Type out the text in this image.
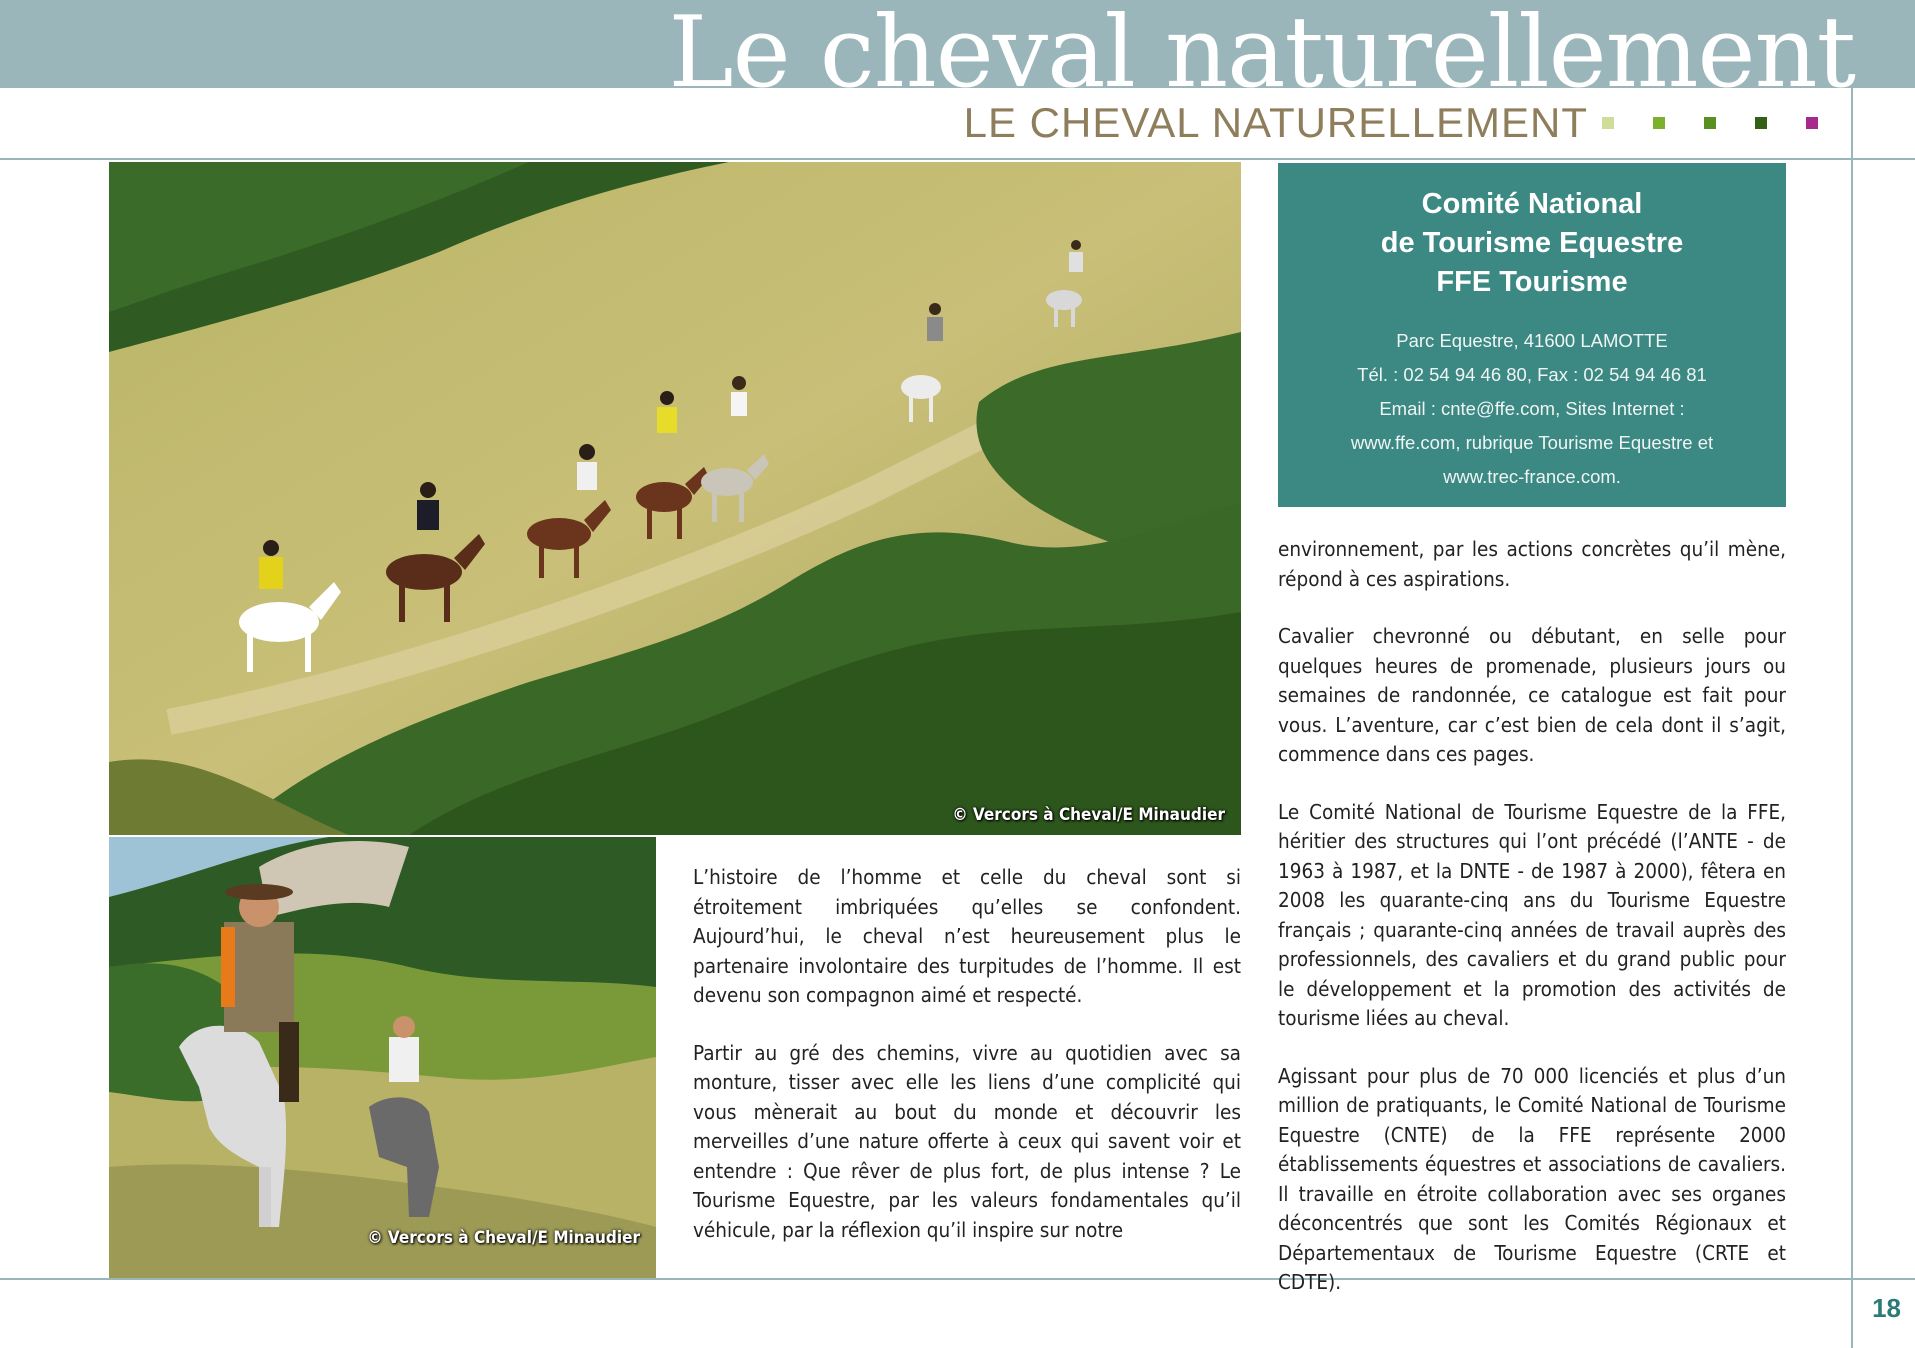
Le cheval naturellement
LE CHEVAL NATURELLEMENT
© Vercors à Cheval/E Minaudier
© Vercors à Cheval/E Minaudier
Comité National
de Tourisme Equestre
FFE Tourisme
Parc Equestre, 41600 LAMOTTE
Tél. : 02 54 94 46 80, Fax : 02 54 94 46 81
Email : cnte@ffe.com, Sites Internet :
www.ffe.com, rubrique Tourisme Equestre et
www.trec-france.com.

L’histoire de l’homme et celle du cheval sont si étroitement imbriquées qu’elles se confondent. Aujourd’hui, le cheval n’est heureusement plus le partenaire involontaire des turpitudes de l’homme. Il est devenu son compagnon aimé et respecté.

Partir au gré des chemins, vivre au quotidien avec sa monture, tisser avec elle les liens d’une complicité qui vous mènerait au bout du monde et découvrir les merveilles d’une nature offerte à ceux qui savent voir et entendre : Que rêver de plus fort, de plus intense ? Le Tourisme Equestre, par les valeurs fondamentales qu’il véhicule, par la réflexion qu’il inspire sur notre

environnement, par les actions concrètes qu’il mène, répond à ces aspirations.

Cavalier chevronné ou débutant, en selle pour quelques heures de promenade, plusieurs jours ou semaines de randonnée, ce catalogue est fait pour vous. L’aventure, car c’est bien de cela dont il s’agit, commence dans ces pages.

Le Comité National de Tourisme Equestre de la FFE, héritier des structures qui l’ont précédé (l’ANTE - de 1963 à 1987, et la DNTE - de 1987 à 2000), fêtera en 2008 les quarante-cinq ans du Tourisme Equestre français ; quarante-cinq années de travail auprès des professionnels, des cavaliers et du grand public pour le développement et la promotion des activités de tourisme liées au cheval.

Agissant pour plus de 70 000 licenciés et plus d’un million de pratiquants, le Comité National de Tourisme Equestre (CNTE) de la FFE représente 2000 établissements équestres et associations de cavaliers. Il travaille en étroite collaboration avec ses organes déconcentrés que sont les Comités Régionaux et Départementaux de Tourisme Equestre (CRTE et CDTE).

18
